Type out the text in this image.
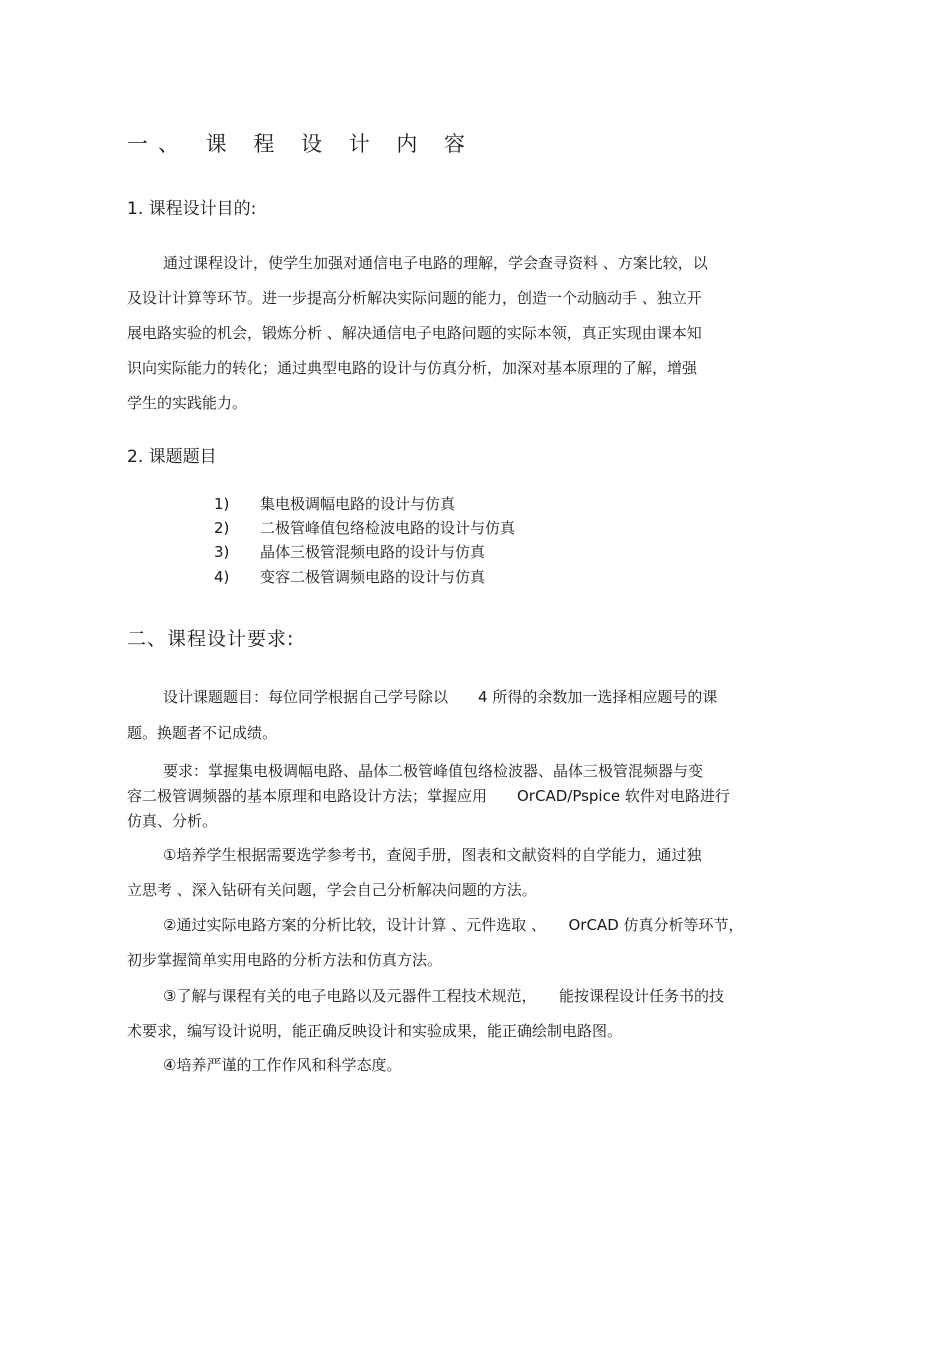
一、 课 程 设 计 内 容
1. 课程设计目的:
通过课程设计，使学生加强对通信电子电路的理解，学会查寻资料 、方案比较，以
及设计计算等环节。进一步提高分析解决实际问题的能力，创造一个动脑动手 、独立开
展电路实验的机会，锻炼分析 、解决通信电子电路问题的实际本领，真正实现由课本知
识向实际能力的转化；通过典型电路的设计与仿真分析，加深对基本原理的了解，增强
学生的实践能力。
2. 课题题目
1) 集电极调幅电路的设计与仿真
2) 二极管峰值包络检波电路的设计与仿真
3) 晶体三极管混频电路的设计与仿真
4) 变容二极管调频电路的设计与仿真
二、课程设计要求:
设计课题题目：每位同学根据自己学号除以　　4 所得的余数加一选择相应题号的课
题。换题者不记成绩。
要求：掌握集电极调幅电路、晶体二极管峰值包络检波器、晶体三极管混频器与变
容二极管调频器的基本原理和电路设计方法；掌握应用　　OrCAD/Pspice 软件对电路进行
仿真、分析。
①培养学生根据需要选学参考书，查阅手册，图表和文献资料的自学能力，通过独
立思考 、深入钻研有关问题，学会自己分析解决问题的方法。
②通过实际电路方案的分析比较，设计计算 、元件选取 、　　OrCAD 仿真分析等环节，
初步掌握简单实用电路的分析方法和仿真方法。
③了解与课程有关的电子电路以及元器件工程技术规范，　　能按课程设计任务书的技
术要求，编写设计说明，能正确反映设计和实验成果，能正确绘制电路图。
④培养严谨的工作作风和科学态度。
